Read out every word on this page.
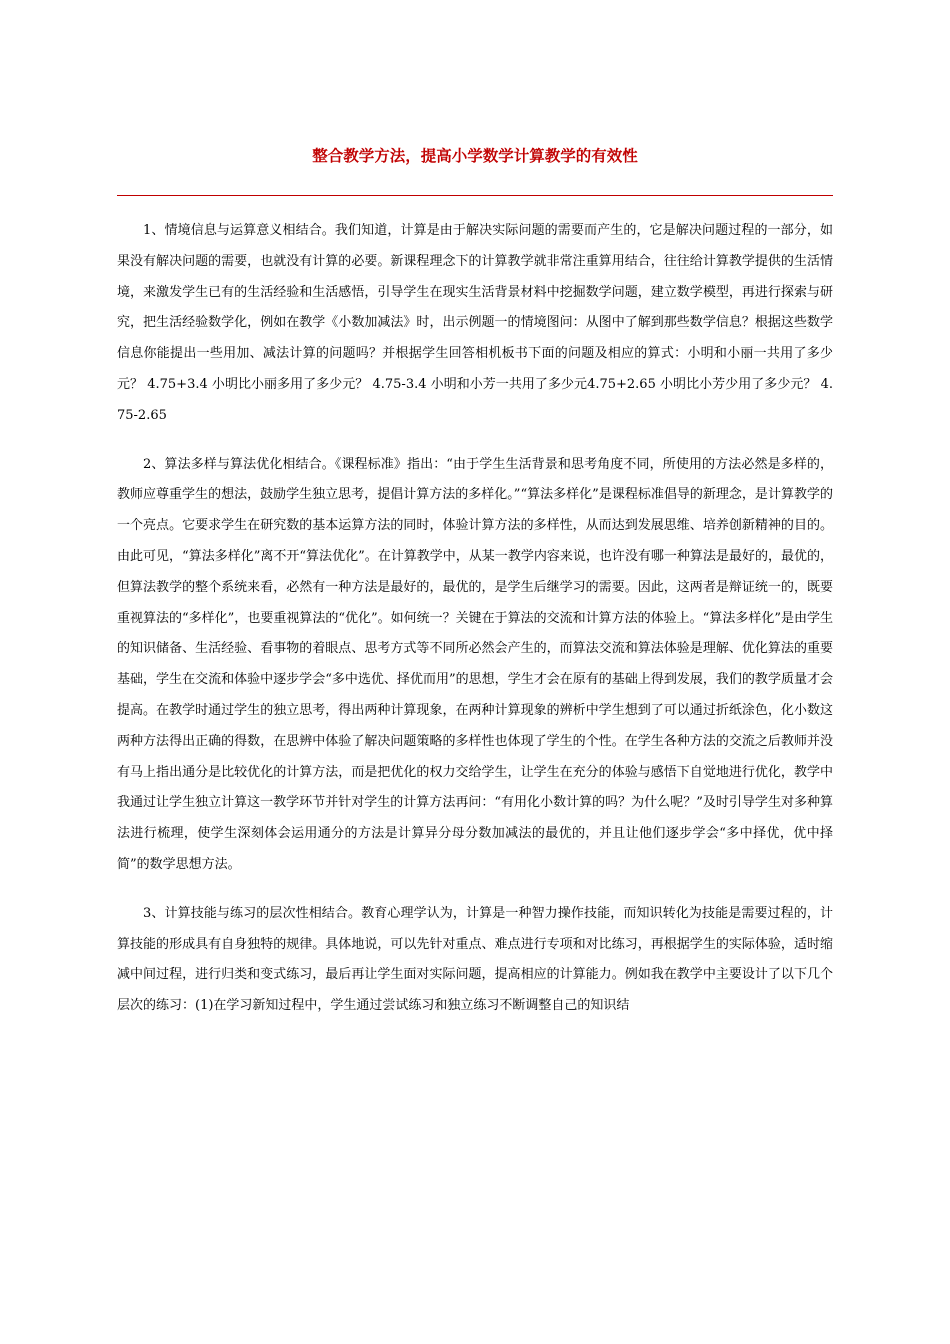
整合教学方法，提高小学数学计算教学的有效性

1、情境信息与运算意义相结合。我们知道，计算是由于解决实际问题的需要而产生的，它是解决问题过程的一部分，如果没有解决问题的需要，也就没有计算的必要。新课程理念下的计算教学就非常注重算用结合，往往给计算教学提供的生活情境，来激发学生已有的生活经验和生活感悟，引导学生在现实生活背景材料中挖掘数学问题，建立数学模型，再进行探索与研究，把生活经验数学化，例如在教学《小数加减法》时，出示例题一的情境图问：从图中了解到那些数学信息？根据这些数学信息你能提出一些用加、减法计算的问题吗？并根据学生回答相机板书下面的问题及相应的算式：小明和小丽一共用了多少元？ 4.75+3.4 小明比小丽多用了多少元？ 4.75-3.4 小明和小芳一共用了多少元4.75+2.65 小明比小芳少用了多少元？ 4.75-2.65

2、算法多样与算法优化相结合。《课程标准》指出：“由于学生生活背景和思考角度不同，所使用的方法必然是多样的，教师应尊重学生的想法，鼓励学生独立思考，提倡计算方法的多样化。”“算法多样化”是课程标准倡导的新理念，是计算教学的一个亮点。它要求学生在研究数的基本运算方法的同时，体验计算方法的多样性，从而达到发展思维、培养创新精神的目的。由此可见，“算法多样化”离不开“算法优化”。在计算教学中，从某一教学内容来说，也许没有哪一种算法是最好的，最优的，但算法教学的整个系统来看，必然有一种方法是最好的，最优的，是学生后继学习的需要。因此，这两者是辩证统一的，既要重视算法的“多样化”，也要重视算法的“优化”。如何统一？关键在于算法的交流和计算方法的体验上。“算法多样化”是由学生的知识储备、生活经验、看事物的着眼点、思考方式等不同所必然会产生的，而算法交流和算法体验是理解、优化算法的重要基础，学生在交流和体验中逐步学会“多中选优、择优而用”的思想，学生才会在原有的基础上得到发展，我们的教学质量才会提高。在教学时通过学生的独立思考，得出两种计算现象，在两种计算现象的辨析中学生想到了可以通过折纸涂色，化小数这两种方法得出正确的得数，在思辨中体验了解决问题策略的多样性也体现了学生的个性。在学生各种方法的交流之后教师并没有马上指出通分是比较优化的计算方法，而是把优化的权力交给学生，让学生在充分的体验与感悟下自觉地进行优化，教学中我通过让学生独立计算这一教学环节并针对学生的计算方法再问：“有用化小数计算的吗？为什么呢？”及时引导学生对多种算法进行梳理，使学生深刻体会运用通分的方法是计算异分母分数加减法的最优的，并且让他们逐步学会“多中择优，优中择简”的数学思想方法。

3、计算技能与练习的层次性相结合。教育心理学认为，计算是一种智力操作技能，而知识转化为技能是需要过程的，计算技能的形成具有自身独特的规律。具体地说，可以先针对重点、难点进行专项和对比练习，再根据学生的实际体验，适时缩减中间过程，进行归类和变式练习，最后再让学生面对实际问题，提高相应的计算能力。例如我在教学中主要设计了以下几个层次的练习：(1)在学习新知过程中，学生通过尝试练习和独立练习不断调整自己的知识结
